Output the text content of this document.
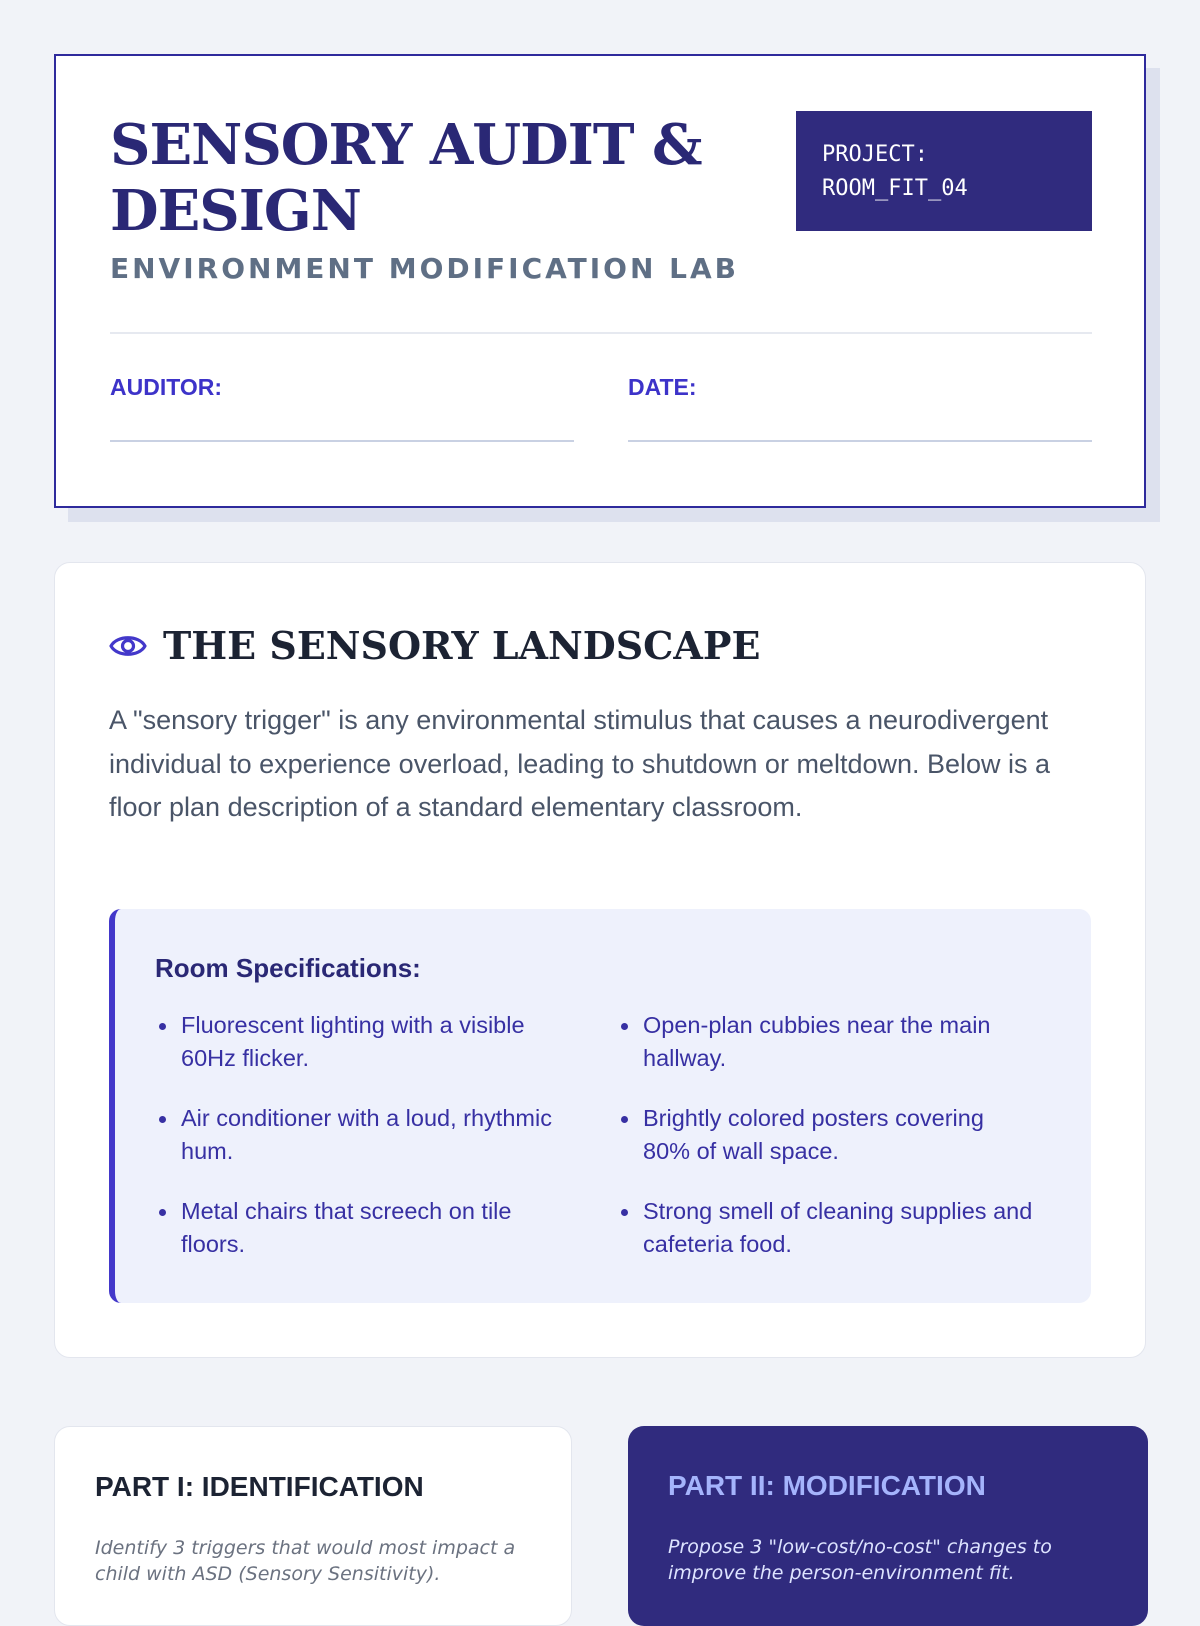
SENSORY AUDIT &
DESIGN
ENVIRONMENT MODIFICATION LAB
PROJECT:
ROOM_FIT_04
AUDITOR:	DATE:
THE SENSORY LANDSCAPE

A "sensory trigger" is any environmental stimulus that causes a neurodivergent individual to experience overload, leading to shutdown or meltdown. Below is a floor plan description of a standard elementary classroom.

Room Specifications:
Fluorescent lighting with a visible 60Hz flicker.
Air conditioner with a loud, rhythmic hum.
Metal chairs that screech on tile floors.
Open-plan cubbies near the main hallway.
Brightly colored posters covering 80% of wall space.
Strong smell of cleaning supplies and cafeteria food.
PART I: IDENTIFICATION
Identify 3 triggers that would most impact a child with ASD (Sensory Sensitivity).
PART II: MODIFICATION
Propose 3 "low-cost/no-cost" changes to improve the person-environment fit.
